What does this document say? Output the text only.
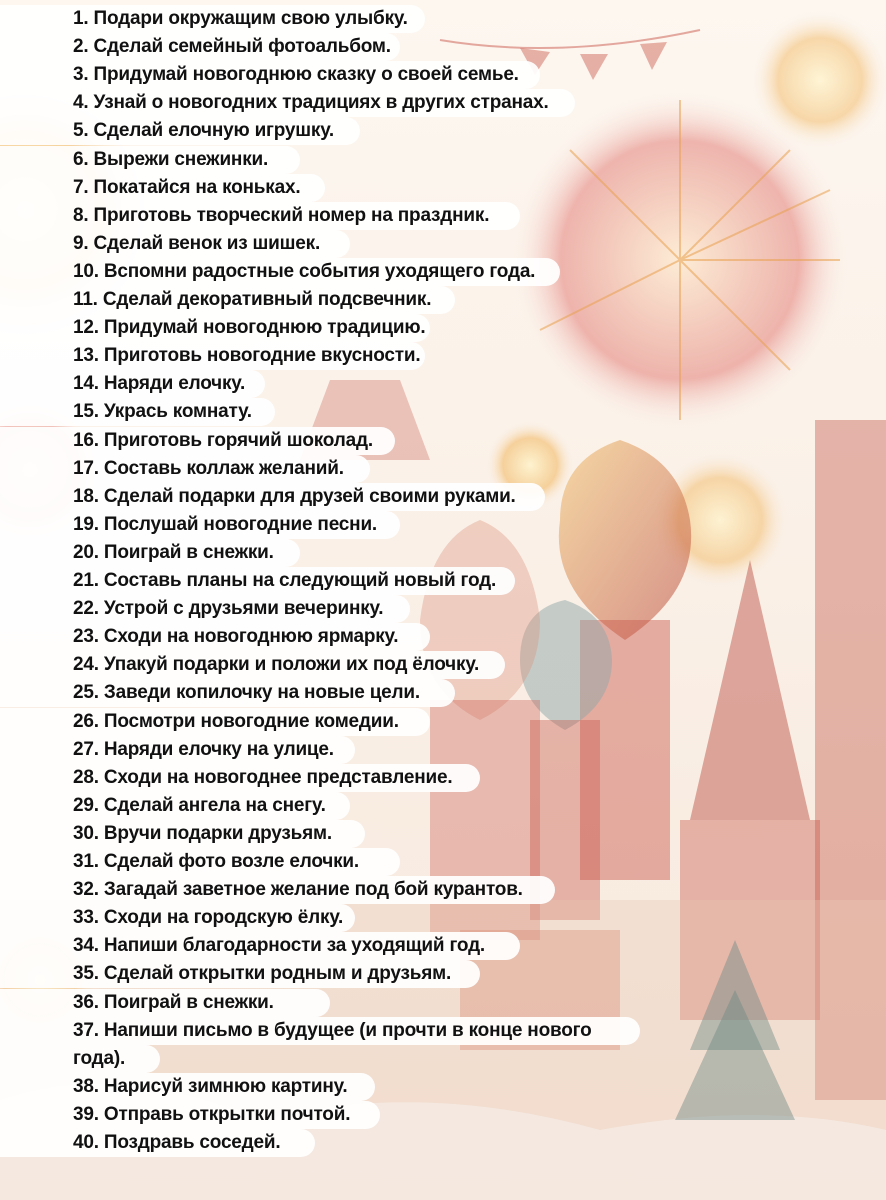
1. Подари окружащим свою улыбку.
2. Сделай семейный фотоальбом.
3. Придумай новогоднюю сказку о своей семье.
4. Узнай о новогодних традициях в других странах.
5. Сделай елочную игрушку.
6. Вырежи снежинки.
7. Покатайся на коньках.
8. Приготовь творческий номер на праздник.
9. Сделай венок из шишек.
10. Вспомни радостные события уходящего года.
11. Сделай декоративный подсвечник.
12. Придумай новогоднюю традицию.
13. Приготовь новогодние вкусности.
14. Наряди елочку.
15. Укрась комнату.
16. Приготовь горячий шоколад.
17. Составь коллаж желаний.
18. Сделай подарки для друзей своими руками.
19. Послушай новогодние песни.
20. Поиграй в снежки.
21. Составь планы на следующий новый год.
22. Устрой с друзьями вечеринку.
23. Сходи на новогоднюю ярмарку.
24. Упакуй подарки и положи их под ёлочку.
25. Заведи копилочку на новые цели.
26. Посмотри новогодние комедии.
27. Наряди елочку на улице.
28. Сходи на новогоднее представление.
29. Сделай ангела на снегу.
30. Вручи подарки друзьям.
31. Сделай фото возле елочки.
32. Загадай заветное желание под бой курантов.
33. Сходи на городскую ёлку.
34. Напиши благодарности за уходящий год.
35. Сделай открытки родным и друзьям.
36. Поиграй в снежки.
37. Напиши письмо в будущее (и прочти в конце нового
года).
38. Нарисуй зимнюю картину.
39. Отправь открытки почтой.
40. Поздравь соседей.
